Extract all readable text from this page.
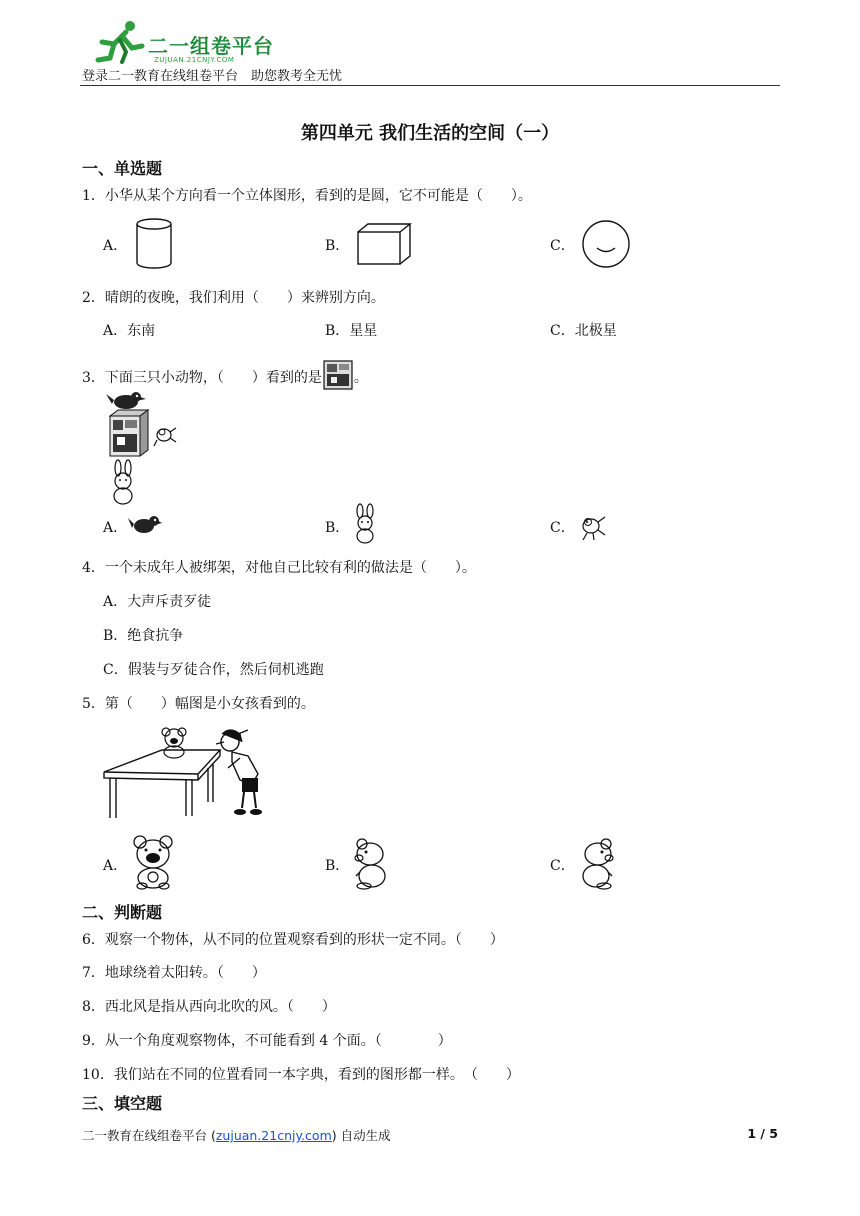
二一组卷平台
ZUJUAN.21CNJY.COM
登录二一教育在线组卷平台　助您教考全无忧
第四单元 我们生活的空间（一）
一、单选题
1．小华从某个方向看一个立体图形，看到的是圆，它不可能是（　　）。
A．	B．	C．
2．晴朗的夜晚，我们利用（　　）来辨别方向。
A．东南	B．星星	C．北极星
3．下面三只小动物，（　　）看到的是 。
A．	B．	C．
4．一个未成年人被绑架，对他自己比较有利的做法是（　　）。
A．大声斥责歹徒
B．绝食抗争
C．假装与歹徒合作，然后伺机逃跑
5．第（　　）幅图是小女孩看到的。
A．	B．	C．
二、判断题
6．观察一个物体，从不同的位置观察看到的形状一定不同。（　　）
7．地球绕着太阳转。（　　）
8．西北风是指从西向北吹的风。（　　）
9．从一个角度观察物体，不可能看到 4 个面。（　　　　）
10．我们站在不同的位置看同一本字典，看到的图形都一样。　（　　）
三、填空题
二一教育在线组卷平台 (zujuan.21cnjy.com) 自动生成	1 / 5
